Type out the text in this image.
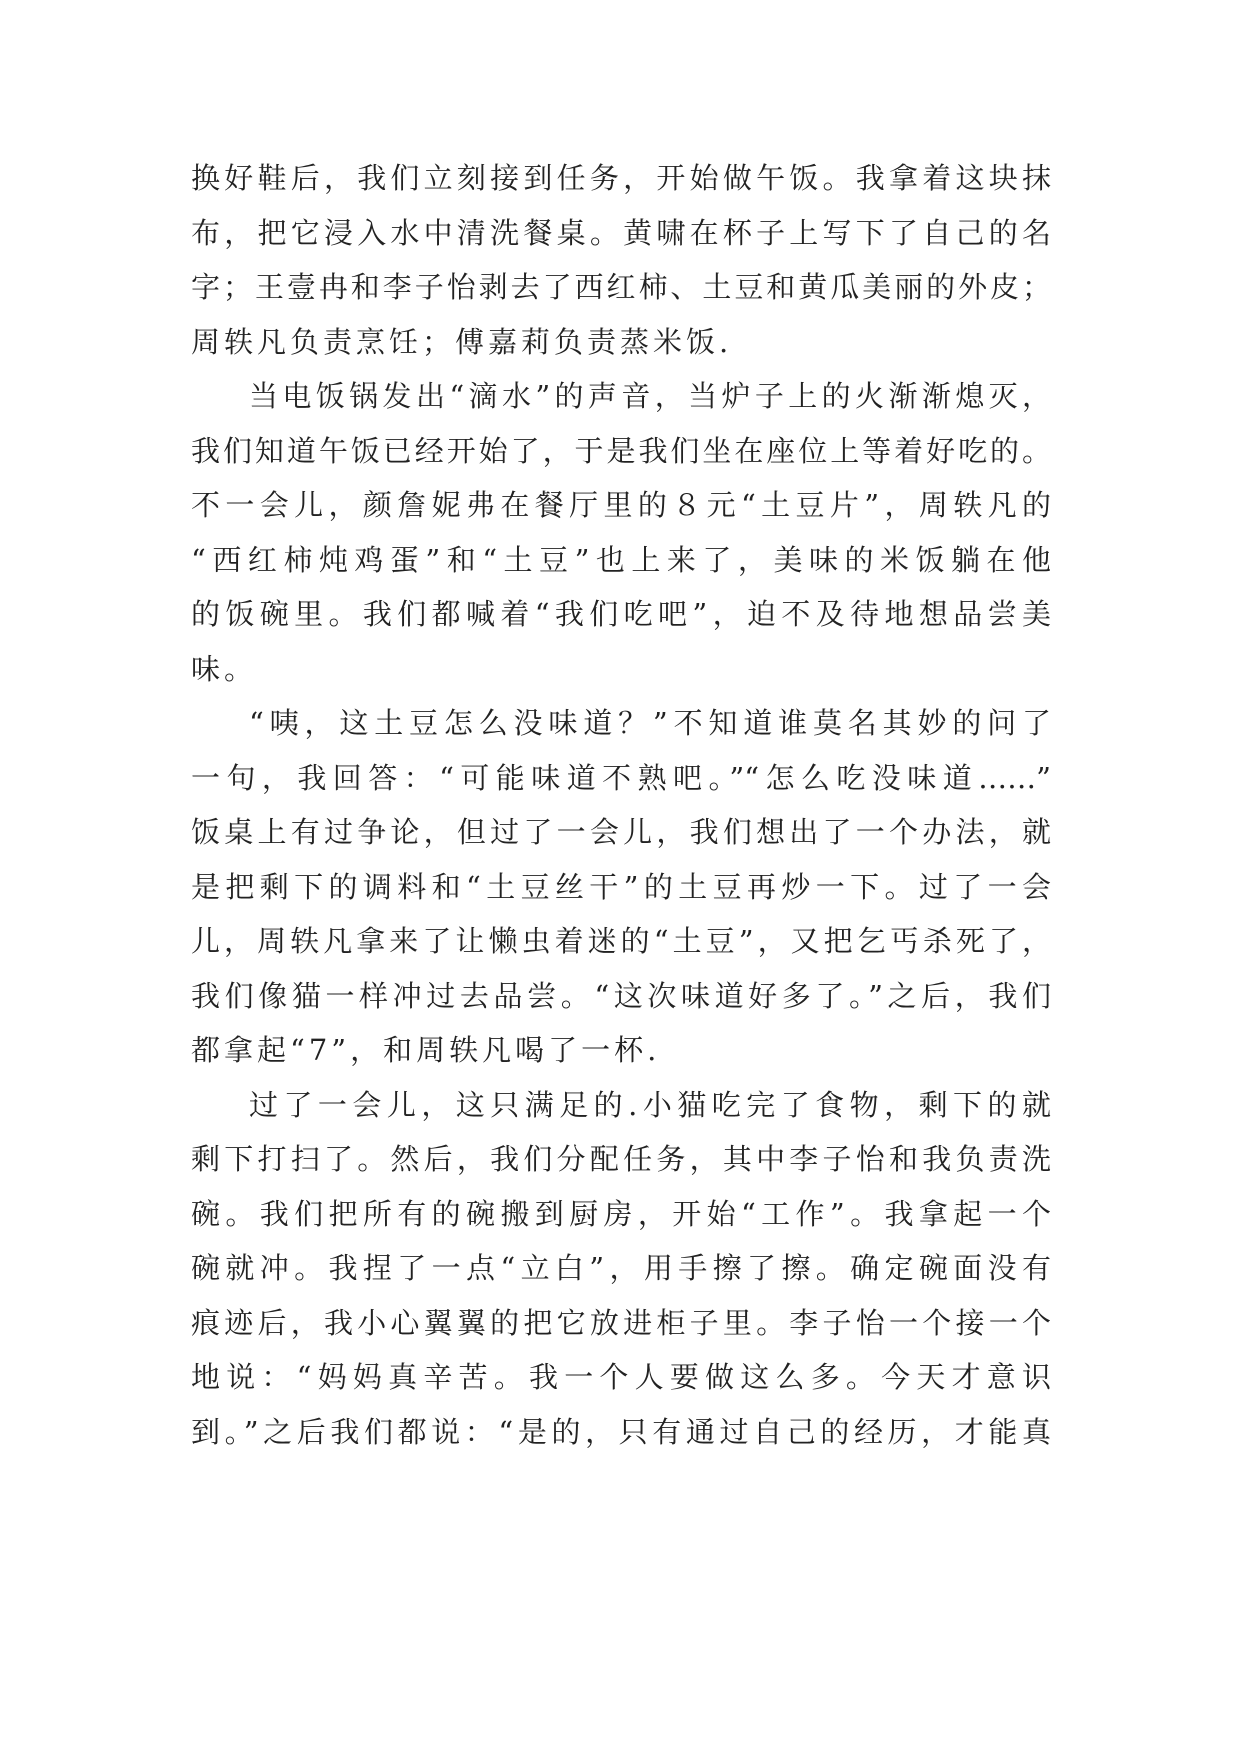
换好鞋后，我们立刻接到任务，开始做午饭。我拿着这块抹
布，把它浸入水中清洗餐桌。黄啸在杯子上写下了自己的名
字；王壹冉和李子怡剥去了西红柿、土豆和黄瓜美丽的外皮；
周轶凡负责烹饪；傅嘉莉负责蒸米饭.
当电饭锅发出“滴水”的声音，当炉子上的火渐渐熄灭，
我们知道午饭已经开始了，于是我们坐在座位上等着好吃的。
不一会儿，颜詹妮弗在餐厅里的８元“土豆片”，周轶凡的
“西红柿炖鸡蛋”和“土豆”也上来了，美味的米饭躺在他
的饭碗里。我们都喊着“我们吃吧”，迫不及待地想品尝美
味。
“咦，这土豆怎么没味道？”不知道谁莫名其妙的问了
一句，我回答：“可能味道不熟吧。”“怎么吃没味道……”
饭桌上有过争论，但过了一会儿，我们想出了一个办法，就
是把剩下的调料和“土豆丝干”的土豆再炒一下。过了一会
儿，周轶凡拿来了让懒虫着迷的“土豆”，又把乞丐杀死了，
我们像猫一样冲过去品尝。“这次味道好多了。”之后，我们
都拿起“7”，和周轶凡喝了一杯.
过了一会儿，这只满足的.小猫吃完了食物，剩下的就
剩下打扫了。然后，我们分配任务，其中李子怡和我负责洗
碗。我们把所有的碗搬到厨房，开始“工作”。我拿起一个
碗就冲。我捏了一点“立白”，用手擦了擦。确定碗面没有
痕迹后，我小心翼翼的把它放进柜子里。李子怡一个接一个
地说：“妈妈真辛苦。我一个人要做这么多。今天才意识
到。”之后我们都说：“是的，只有通过自己的经历，才能真
